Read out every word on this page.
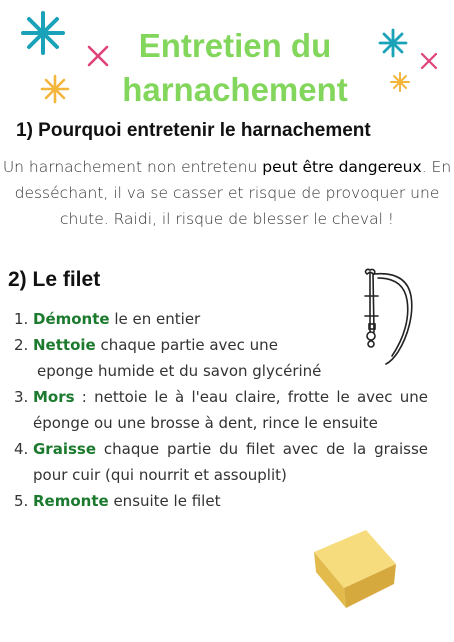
Entretien du harnachement
1) Pourquoi entretenir le harnachement

Un harnachement non entretenu peut être dangereux. En desséchant, il va se casser et risque de provoquer une chute. Raidi, il risque de blesser le cheval !

2) Le filet
1. Démonte le en entier
2. Nettoie chaque partie avec une
eponge humide et du savon glycériné
3. Mors : nettoie le à l'eau claire, frotte le avec une éponge ou une brosse à dent, rince le ensuite
4. Graisse chaque partie du filet avec de la graisse pour cuir (qui nourrit et assouplit)
5. Remonte ensuite le filet
